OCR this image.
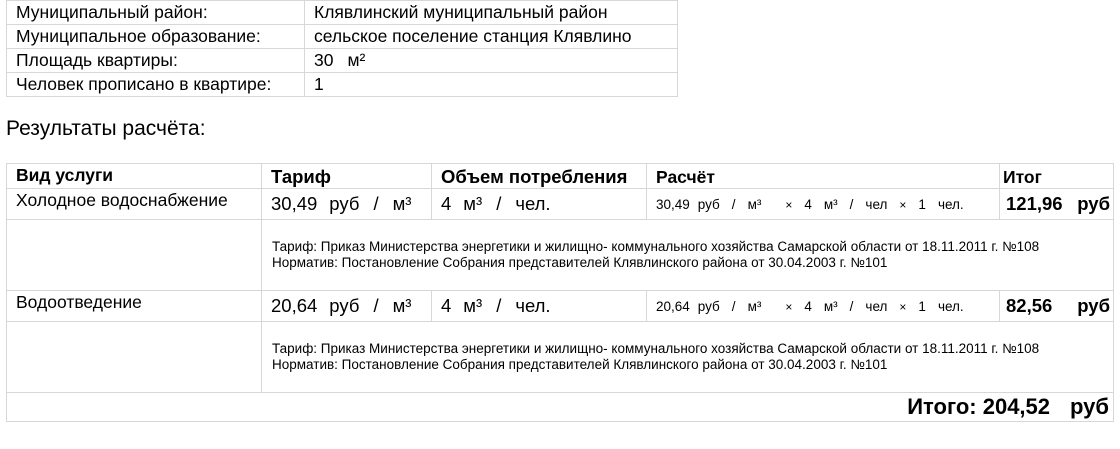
Муниципальный район:	Клявлинский муниципальный район
Муниципальное образование:	сельское поселение станция Клявлино
Площадь квартиры:	30 м²
Человек прописано в квартире:	1
Результаты расчёта:
Вид услуги	Тариф	Объем потребления	Расчёт	Итог
Холодное водоснабжение	30,49 руб / м³	4 м³ / чел.	30,49 руб / м³ × 4 м³ / чел × 1 чел.	121,96 руб

	Тариф: Приказ Министерства энергетики и жилищно- коммунального хозяйства Самарской области от 18.11.2011 г. №108
Норматив: Постановление Собрания представителей Клявлинского района от 30.04.2003 г. №101			

Водоотведение	20,64 руб / м³	4 м³ / чел.	20,64 руб / м³ × 4 м³ / чел × 1 чел.	82,56 руб

	Тариф: Приказ Министерства энергетики и жилищно- коммунального хозяйства Самарской области от 18.11.2011 г. №108
Норматив: Постановление Собрания представителей Клявлинского района от 30.04.2003 г. №101			

Итого: 204,52 руб				
